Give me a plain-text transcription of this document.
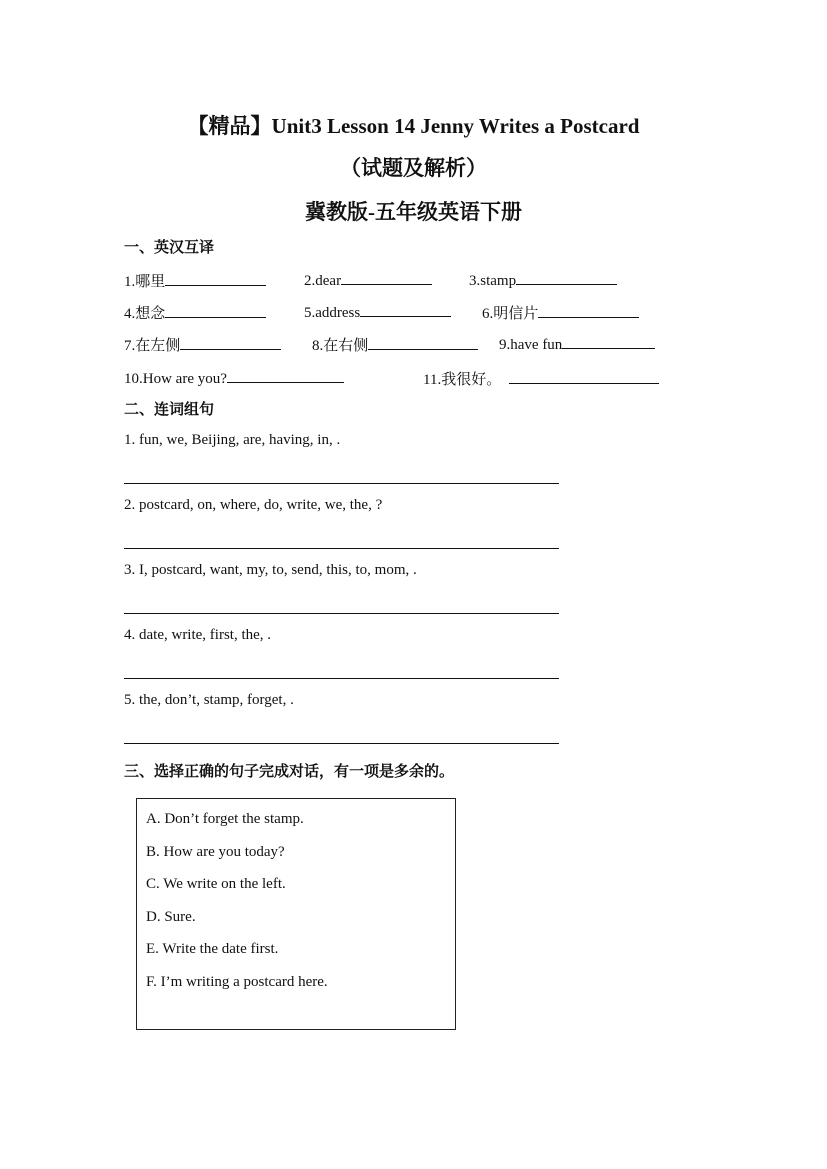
【精品】Unit3 Lesson 14 Jenny Writes a Postcard
（试题及解析）
冀教版-五年级英语下册
一、英汉互译
1.哪里	2.dear	3.stamp
4.想念	5.address	6.明信片
7.在左侧	8.在右侧	9.have fun
10.How are you?	11.我很好。
二、连词组句
1. fun, we, Beijing, are, having, in, .
2. postcard, on, where, do, write, we, the, ?
3. I, postcard, want, my, to, send, this, to, mom, .
4. date, write, first, the, .
5. the, don’t, stamp, forget, .
三、选择正确的句子完成对话，有一项是多余的。
A. Don’t forget the stamp.
B. How are you today?
C. We write on the left.
D. Sure.
E. Write the date first.
F. I’m writing a postcard here.
